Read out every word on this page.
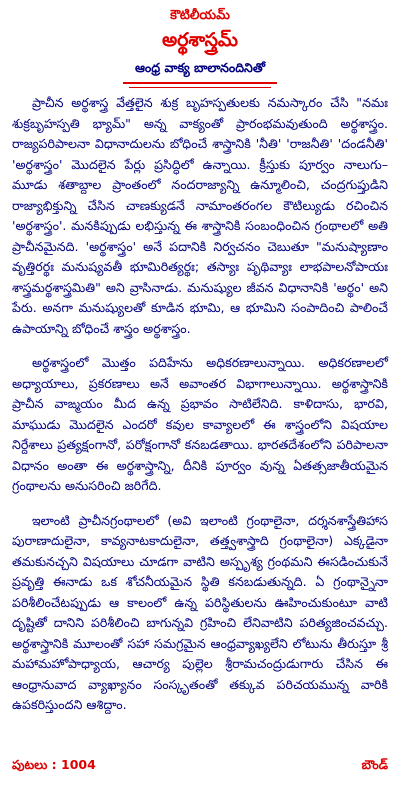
కౌటిలీయమ్
అర్థశాస్త్రమ్
ఆంధ్ర వాక్య బాలానందినితో

ప్రాచీన అర్థశాస్త్ర వేత్తలైన శుక్ర బృహస్పతులకు నమస్కారం చేసి "నమః శుక్రబృహస్పతి భ్యామ్" అన్న వాక్యంతో ప్రారంభమవుతుంది అర్థశాస్త్రం. రాజ్యపరిపాలనా విధానాదులను బోధించే శాస్త్రానికి 'నీతి' 'రాజనీతి' 'దండనీతి' 'అర్థశాస్త్రం' మొదలైన పేర్లు ప్రసిద్ధిలో ఉన్నాయి. క్రీస్తుకు పూర్వం నాలుగు– మూడు శతాబ్దాల ప్రాంతంలో నందరాజ్యాన్ని ఉన్మూలించి, చంద్రగుప్తుడిని రాజ్యాభిక్తున్ని చేసిన చాణక్యుడనే నామాంతరంగల కౌటిల్యుడు రచించిన 'అర్థశాస్త్రం'. మనకిప్పుడు లభిస్తున్న ఈ శాస్త్రానికి సంబంధించిన గ్రంథాలలో అతి ప్రాచీనమైనది. 'అర్థశాస్త్రం' అనే పదానికి నిర్వచనం చెబుతూ "మనుష్యాణాం వృత్తిరర్థః మనుష్యవతీ భూమిరిత్యర్థః; తస్యాః పృథివ్యాః లాభపాలనోపాయః శాస్త్రమర్థశాస్త్రమితి" అని వ్రాసినాడు. మనుష్యుల జీవన విధానానికి 'అర్థం' అని పేరు. అనగా మనుష్యులతో కూడిన భూమి, ఆ భూమిని సంపాదించి పాలించే ఉపాయాన్ని బోధించే శాస్త్రం అర్థశాస్త్రం.

అర్థశాస్త్రంలో మొత్తం పదిహేను అధికరణాలున్నాయి. అధికరణాలలో అధ్యాయాలు, ప్రకరణాలు అనే అవాంతర విభాగాలున్నాయి. అర్థశాస్త్రానికి ప్రాచీన వాఙ్మయం మీద ఉన్న ప్రభావం సాటిలేనిది. కాళిదాసు, భారవి, మాఘుడు మొదలైన ఎందరో కవుల కావ్యాలలో ఈ శాస్త్రంలోని విషయాల నిర్దేశాలు ప్రత్యక్షంగానో, పరోక్షంగానో కనబడతాయి. భారతదేశంలోని పరిపాలనా విధానం అంతా ఈ అర్థశాస్త్రాన్ని, దీనికి పూర్వం వున్న ఏతత్సజాతీయమైన గ్రంథాలను అనుసరించి జరిగేది.

ఇలాంటి ప్రాచీనగ్రంథాలలో (అవి ఇలాంటి గ్రంథాలైనా, దర్శనశాస్త్రేతిహాస పురాణాదులైనా, కావ్యనాటకాదులైనా, తత్త్వశాస్త్రాది గ్రంథాలైనా) ఎక్కడైనా తమకునచ్చని విషయాలు చూడగా వాటిని అస్పృశ్య గ్రంథమని ఈసడించుకునే ప్రవృత్తి ఈనాడు ఒక శోచనీయమైన స్థితి కనబడుతున్నది. ఏ గ్రంథాన్నైనా పరిశీలించేటప్పుడు ఆ కాలంలో ఉన్న పరిస్థితులను ఊహించుకుంటూ వాటి దృష్టితో దానిని పరిశీలించి బాగున్నవి గ్రహించి లేనివాటిని పరిత్యజించవచ్చు. అర్థశాస్త్రానికి మూలంతో సహా సమగ్రమైన ఆంధ్రవ్యాఖ్యలేని లోటును తీరుస్తూ శ్రీ మహామహోపాధ్యాయ, ఆచార్య పుల్లెల శ్రీరామచంద్రుడుగారు చేసిన ఈ ఆంధ్రానువాద వ్యాఖ్యానం సంస్కృతంతో తక్కువ పరిచయమున్న వారికి ఉపకరిస్తుందని ఆశిద్దాం.

పుటలు : 1004	బౌండ్
